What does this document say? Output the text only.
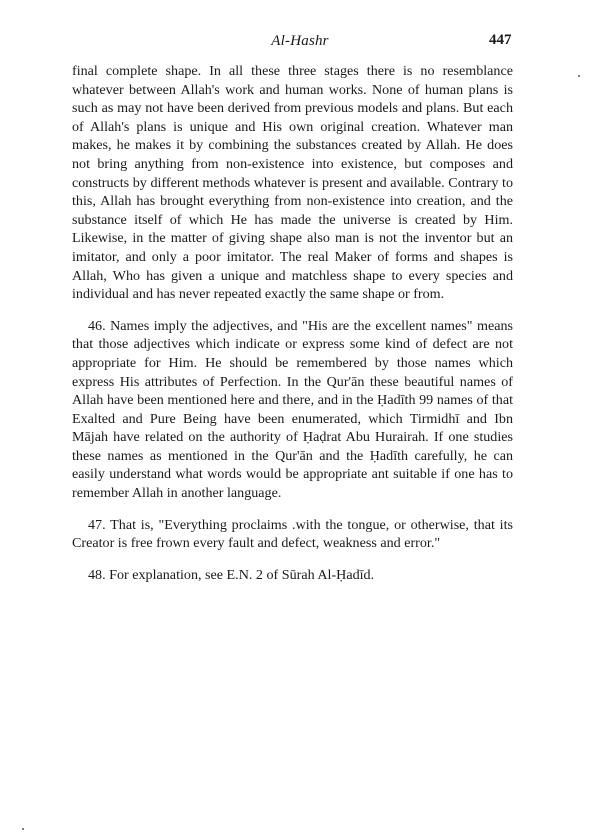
Al-Hashr	447

final complete shape. In all these three stages there is no resemblance whatever between Allah's work and human works. None of human plans is such as may not have been derived from previous models and plans. But each of Allah's plans is unique and His own original creation. Whatever man makes, he makes it by combining the substances created by Allah. He does not bring anything from non-existence into existence, but composes and constructs by different methods whatever is present and available. Contrary to this, Allah has brought everything from non-existence into creation, and the substance itself of which He has made the universe is created by Him. Likewise, in the matter of giving shape also man is not the inventor but an imitator, and only a poor imitator. The real Maker of forms and shapes is Allah, Who has given a unique and matchless shape to every species and individual and has never repeated exactly the same shape or from.

46. Names imply the adjectives, and "His are the excellent names" means that those adjectives which indicate or express some kind of defect are not appropriate for Him. He should be remembered by those names which express His attributes of Perfection. In the Qur'ān these beautiful names of Allah have been mentioned here and there, and in the Ḥadīth 99 names of that Exalted and Pure Being have been enumerated, which Tirmidhī and Ibn Mājah have related on the authority of Ḥaḍrat Abu Hurairah. If one studies these names as mentioned in the Qur'ān and the Ḥadīth carefully, he can easily understand what words would be appropriate ant suitable if one has to remember Allah in another language.

47. That is, "Everything proclaims .with the tongue, or otherwise, that its Creator is free frown every fault and defect, weakness and error."

48. For explanation, see E.N. 2 of Sūrah Al-Ḥadīd.
